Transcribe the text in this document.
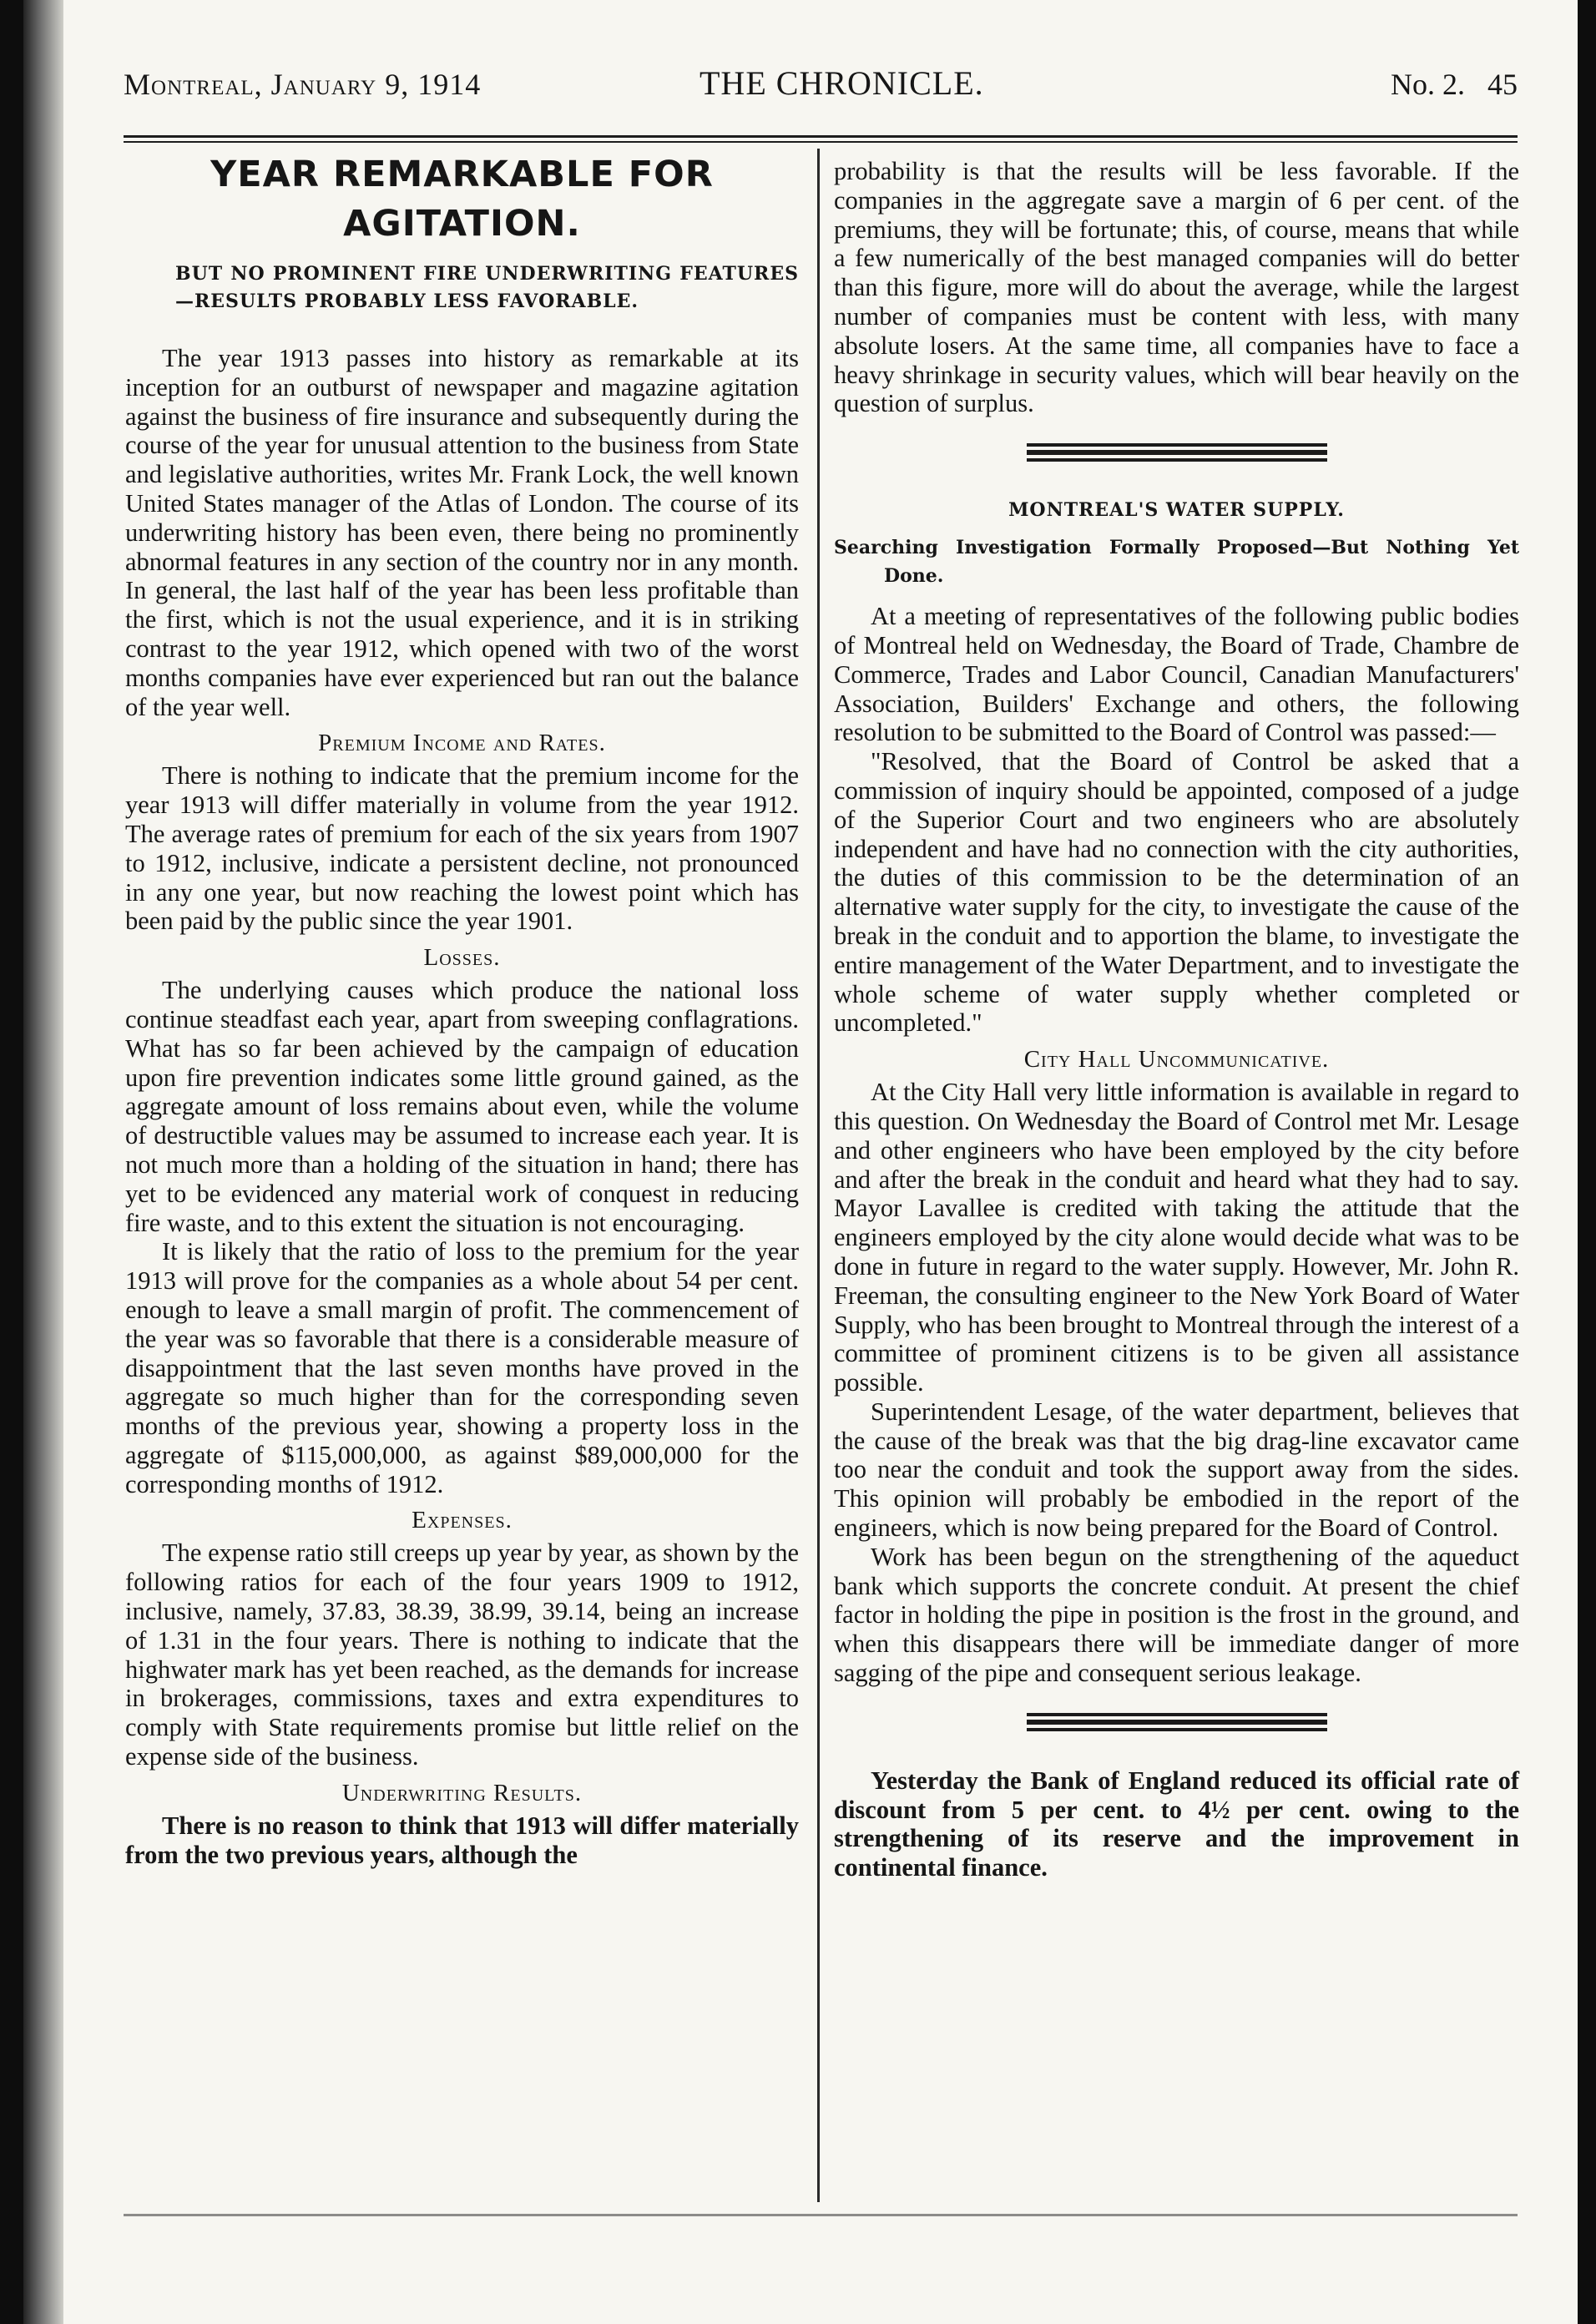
Montreal, January 9, 1914	THE CHRONICLE.	No. 2.   45
YEAR REMARKABLE FOR AGITATION.
BUT NO PROMINENT FIRE UNDERWRITING FEATURES—RESULTS PROBABLY LESS FAVORABLE.

The year 1913 passes into history as remarkable at its inception for an outburst of newspaper and magazine agitation against the business of fire insurance and subsequently during the course of the year for unusual attention to the business from State and legislative authorities, writes Mr. Frank Lock, the well known United States manager of the Atlas of London. The course of its underwriting history has been even, there being no prominently abnormal features in any section of the country nor in any month. In general, the last half of the year has been less profitable than the first, which is not the usual experience, and it is in striking contrast to the year 1912, which opened with two of the worst months companies have ever experienced but ran out the balance of the year well.

Premium Income and Rates.

There is nothing to indicate that the premium income for the year 1913 will differ materially in volume from the year 1912. The average rates of premium for each of the six years from 1907 to 1912, inclusive, indicate a persistent decline, not pronounced in any one year, but now reaching the lowest point which has been paid by the public since the year 1901.

Losses.

The underlying causes which produce the national loss continue steadfast each year, apart from sweeping conflagrations. What has so far been achieved by the campaign of education upon fire prevention indicates some little ground gained, as the aggregate amount of loss remains about even, while the volume of destructible values may be assumed to increase each year. It is not much more than a holding of the situation in hand; there has yet to be evidenced any material work of conquest in reducing fire waste, and to this extent the situation is not encouraging.

It is likely that the ratio of loss to the premium for the year 1913 will prove for the companies as a whole about 54 per cent. enough to leave a small margin of profit. The commencement of the year was so favorable that there is a considerable measure of disappointment that the last seven months have proved in the aggregate so much higher than for the corresponding seven months of the previous year, showing a property loss in the aggregate of $115,000,000, as against $89,000,000 for the corresponding months of 1912.

Expenses.

The expense ratio still creeps up year by year, as shown by the following ratios for each of the four years 1909 to 1912, inclusive, namely, 37.83, 38.39, 38.99, 39.14, being an increase of 1.31 in the four years. There is nothing to indicate that the highwater mark has yet been reached, as the demands for increase in brokerages, commissions, taxes and extra expenditures to comply with State requirements promise but little relief on the expense side of the business.

Underwriting Results.

There is no reason to think that 1913 will differ materially from the two previous years, although the

probability is that the results will be less favorable. If the companies in the aggregate save a margin of 6 per cent. of the premiums, they will be fortunate; this, of course, means that while a few numerically of the best managed companies will do better than this figure, more will do about the average, while the largest number of companies must be content with less, with many absolute losers. At the same time, all companies have to face a heavy shrinkage in security values, which will bear heavily on the question of surplus.

MONTREAL'S WATER SUPPLY.
Searching Investigation Formally Proposed—But Nothing Yet Done.

At a meeting of representatives of the following public bodies of Montreal held on Wednesday, the Board of Trade, Chambre de Commerce, Trades and Labor Council, Canadian Manufacturers' Association, Builders' Exchange and others, the following resolution to be submitted to the Board of Control was passed:—

"Resolved, that the Board of Control be asked that a commission of inquiry should be appointed, composed of a judge of the Superior Court and two engineers who are absolutely independent and have had no connection with the city authorities, the duties of this commission to be the determination of an alternative water supply for the city, to investigate the cause of the break in the conduit and to apportion the blame, to investigate the entire management of the Water Department, and to investigate the whole scheme of water supply whether completed or uncompleted."

City Hall Uncommunicative.

At the City Hall very little information is available in regard to this question. On Wednesday the Board of Control met Mr. Lesage and other engineers who have been employed by the city before and after the break in the conduit and heard what they had to say. Mayor Lavallee is credited with taking the attitude that the engineers employed by the city alone would decide what was to be done in future in regard to the water supply. However, Mr. John R. Freeman, the consulting engineer to the New York Board of Water Supply, who has been brought to Montreal through the interest of a committee of prominent citizens is to be given all assistance possible.

Superintendent Lesage, of the water department, believes that the cause of the break was that the big drag-line excavator came too near the conduit and took the support away from the sides. This opinion will probably be embodied in the report of the engineers, which is now being prepared for the Board of Control.

Work has been begun on the strengthening of the aqueduct bank which supports the concrete conduit. At present the chief factor in holding the pipe in position is the frost in the ground, and when this disappears there will be immediate danger of more sagging of the pipe and consequent serious leakage.

Yesterday the Bank of England reduced its official rate of discount from 5 per cent. to 4½ per cent. owing to the strengthening of its reserve and the improvement in continental finance.
